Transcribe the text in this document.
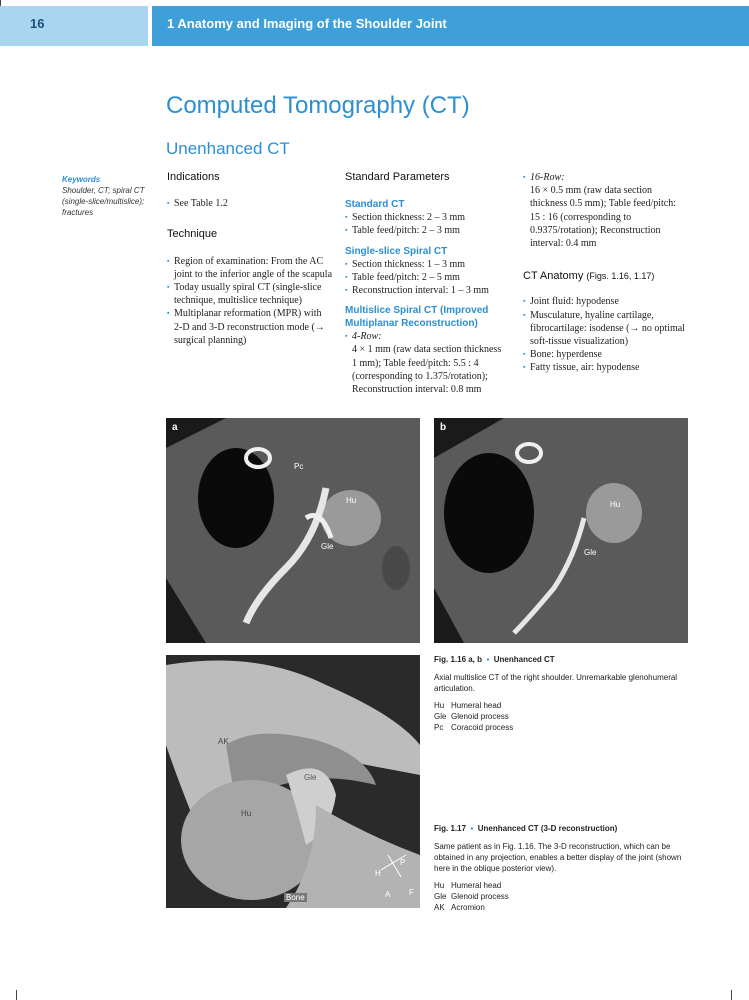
16	1 Anatomy and Imaging of the Shoulder Joint
Computed Tomography (CT)
Unenhanced CT
Keywords
Shoulder, CT; spiral CT (single-slice/multislice); fractures
Indications
▪ See Table 1.2
Technique
▪ Region of examination: From the AC joint to the inferior angle of the scapula
▪ Today usually spiral CT (single-slice technique, multislice technique)
▪ Multiplanar reformation (MPR) with 2-D and 3-D reconstruction mode (→ surgical planning)
Standard Parameters
Standard CT
▪ Section thickness: 2 – 3 mm
▪ Table feed/pitch: 2 – 3 mm
Single-slice Spiral CT
▪ Section thickness: 1 – 3 mm
▪ Table feed/pitch: 2 – 5 mm
▪ Reconstruction interval: 1 – 3 mm
Multislice Spiral CT (Improved Multiplanar Reconstruction)
▪ 4-Row:
4 × 1 mm (raw data section thickness 1 mm); Table feed/pitch: 5.5 : 4 (corresponding to 1.375/rotation); Reconstruction interval: 0.8 mm
▪ 16-Row:
16 × 0.5 mm (raw data section thickness 0.5 mm); Table feed/pitch: 15 : 16 (corresponding to 0.9375/rotation); Reconstruction interval: 0.4 mm
CT Anatomy (Figs. 1.16, 1.17)
▪ Joint fluid: hypodense
▪ Musculature, hyaline cartilage, fibrocartilage: isodense (→ no optimal soft-tissue visualization)
▪ Bone: hyperdense
▪ Fatty tissue, air: hypodense
a
Pc
Hu
Gle
b
Hu
Gle
AK
Gle
Hu
Bone
H
P
A F
Fig. 1.16 a, b  ▪  Unenhanced CT
Axial multislice CT of the right shoulder. Unremarkable glenohumeral articulation.
Hu Humeral head
Gle Glenoid process
Pc Coracoid process
Fig. 1.17  ▪  Unenhanced CT (3-D reconstruction)
Same patient as in Fig. 1.16. The 3-D reconstruction, which can be obtained in any projection, enables a better display of the joint (shown here in the oblique posterior view).
Hu Humeral head
Gle Glenoid process
AK Acromion
